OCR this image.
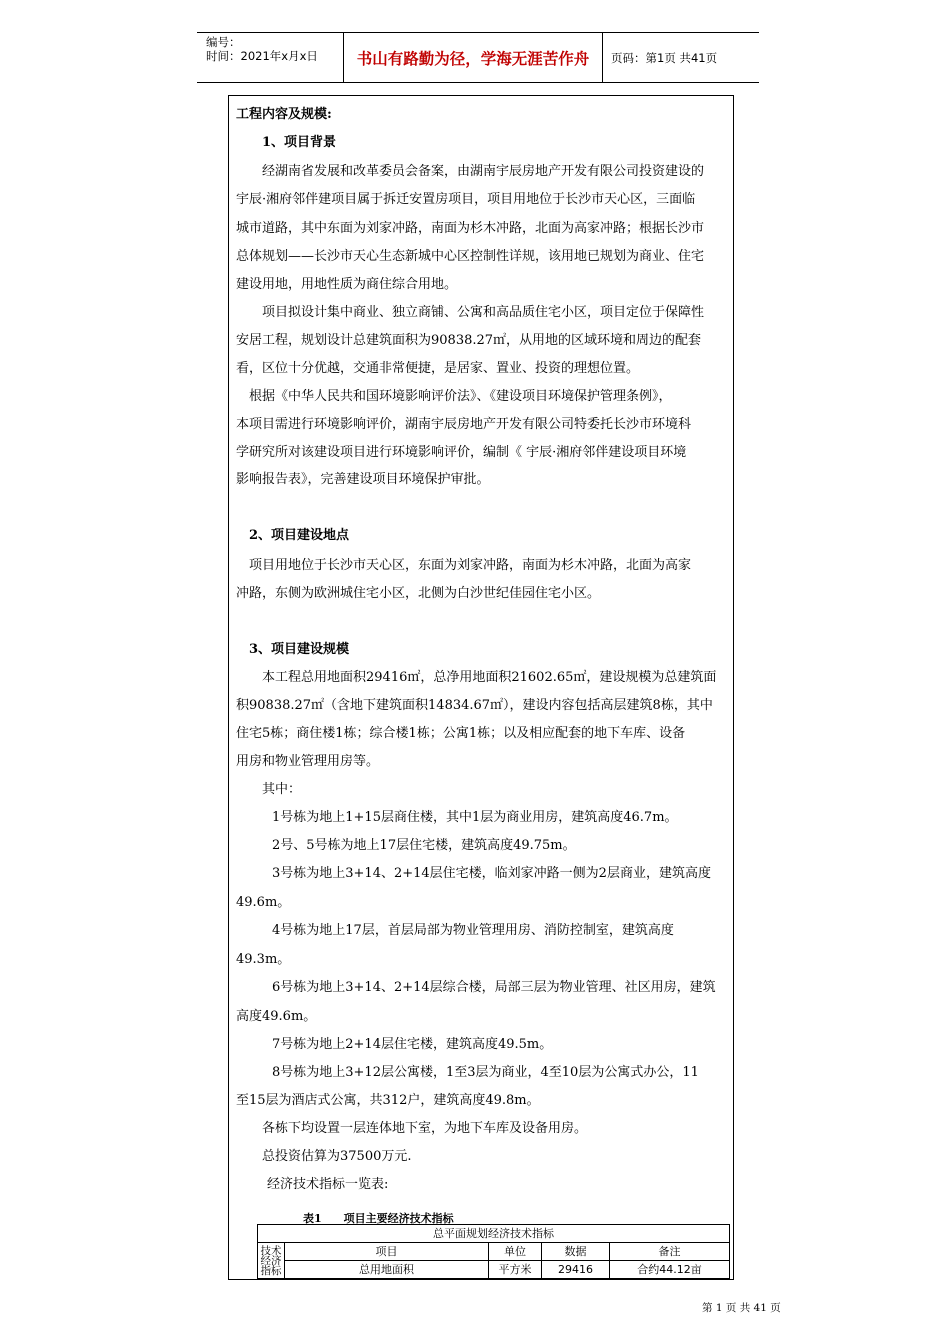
编号：
时间：2021年x月x日	书山有路勤为径，学海无涯苦作舟 页码：第1页 共41页
工程内容及规模:
1、项目背景
经湖南省发展和改革委员会备案，由湖南宇辰房地产开发有限公司投资建设的
宇辰·湘府邻伴建项目属于拆迁安置房项目，项目用地位于长沙市天心区，三面临
城市道路，其中东面为刘家冲路，南面为杉木冲路，北面为高家冲路；根据长沙市
总体规划——长沙市天心生态新城中心区控制性详规，该用地已规划为商业、住宅
建设用地，用地性质为商住综合用地。
项目拟设计集中商业、独立商铺、公寓和高品质住宅小区，项目定位于保障性
安居工程，规划设计总建筑面积为90838.27㎡，从用地的区域环境和周边的配套
看，区位十分优越，交通非常便捷，是居家、置业、投资的理想位置。
根据《中华人民共和国环境影响评价法》、《建设项目环境保护管理条例》，
本项目需进行环境影响评价，湖南宇辰房地产开发有限公司特委托长沙市环境科
学研究所对该建设项目进行环境影响评价，编制《 宇辰·湘府邻伴建设项目环境
影响报告表》，完善建设项目环境保护审批。
2、项目建设地点
项目用地位于长沙市天心区，东面为刘家冲路，南面为杉木冲路，北面为高家
冲路，东侧为欧洲城住宅小区，北侧为白沙世纪佳园住宅小区。
3、项目建设规模
本工程总用地面积29416㎡，总净用地面积21602.65㎡，建设规模为总建筑面
积90838.27㎡（含地下建筑面积14834.67㎡），建设内容包括高层建筑8栋，其中
住宅5栋；商住楼1栋；综合楼1栋；公寓1栋；以及相应配套的地下车库、设备
用房和物业管理用房等。
其中：
1号栋为地上1+15层商住楼，其中1层为商业用房，建筑高度46.7m。
2号、5号栋为地上17层住宅楼，建筑高度49.75m。
3号栋为地上3+14、2+14层住宅楼，临刘家冲路一侧为2层商业，建筑高度
49.6m。
4号栋为地上17层，首层局部为物业管理用房、消防控制室，建筑高度
49.3m。
6号栋为地上3+14、2+14层综合楼，局部三层为物业管理、社区用房，建筑
高度49.6m。
7号栋为地上2+14层住宅楼，建筑高度49.5m。
8号栋为地上3+12层公寓楼，1至3层为商业，4至10层为公寓式办公，11
至15层为酒店式公寓，共312户，建筑高度49.8m。
各栋下均设置一层连体地下室，为地下车库及设备用房。
总投资估算为37500万元.
经济技术指标一览表:
表1 项目主要经济技术指标
总平面规划经济技术指标				
技术经济指标	项目	单位	数据	备注
	总用地面积	平方米	29416	合约44.12亩
第 1 页 共 41 页
